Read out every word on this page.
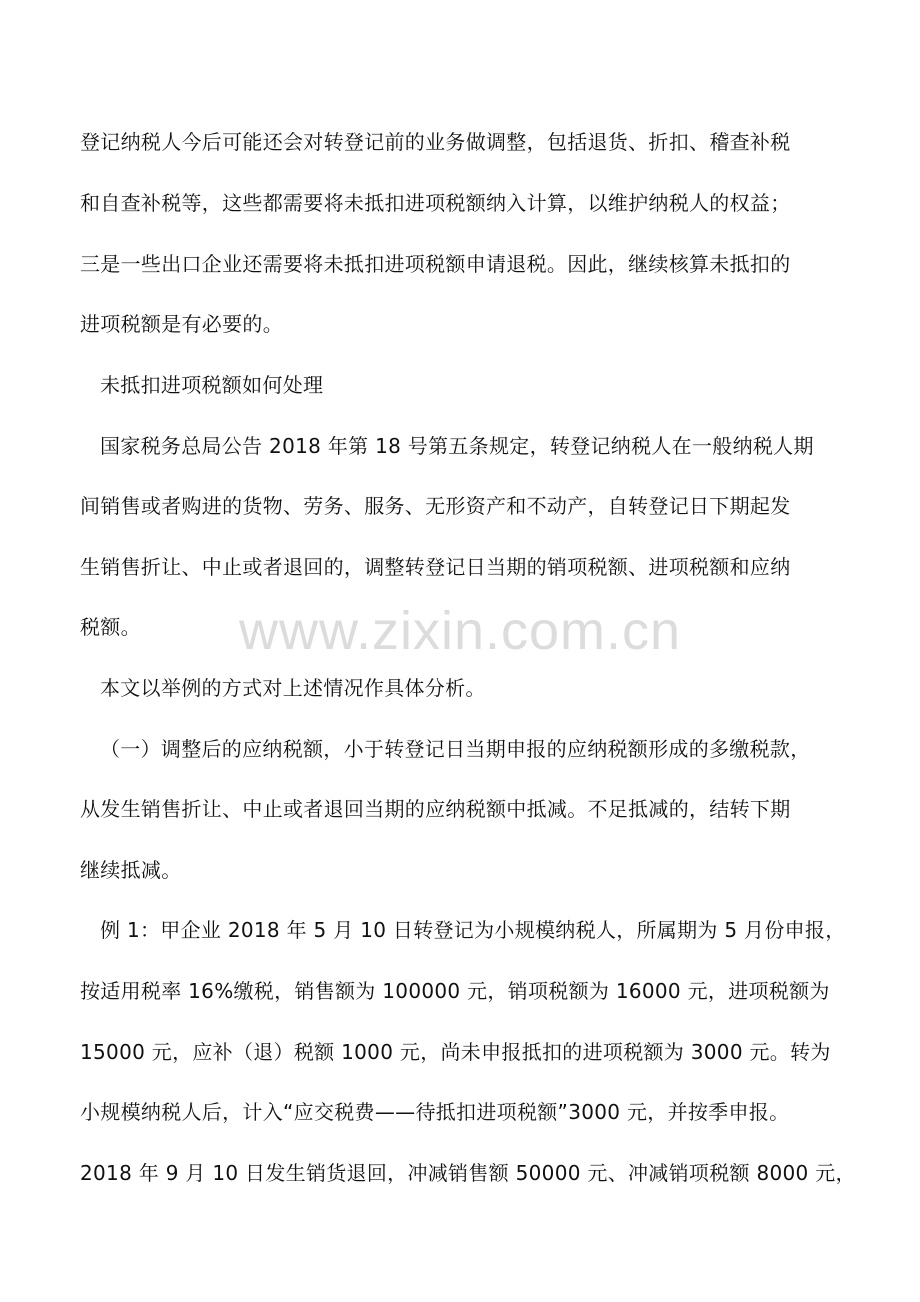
www.zixin.com.cn
登记纳税人今后可能还会对转登记前的业务做调整，包括退货、折扣、稽查补税
和自查补税等，这些都需要将未抵扣进项税额纳入计算，以维护纳税人的权益；
三是一些出口企业还需要将未抵扣进项税额申请退税。因此，继续核算未抵扣的
进项税额是有必要的。
未抵扣进项税额如何处理
国家税务总局公告 2018 年第 18 号第五条规定，转登记纳税人在一般纳税人期
间销售或者购进的货物、劳务、服务、无形资产和不动产，自转登记日下期起发
生销售折让、中止或者退回的，调整转登记日当期的销项税额、进项税额和应纳
税额。
本文以举例的方式对上述情况作具体分析。
（一）调整后的应纳税额，小于转登记日当期申报的应纳税额形成的多缴税款，
从发生销售折让、中止或者退回当期的应纳税额中抵减。不足抵减的，结转下期
继续抵减。
例 1：甲企业 2018 年 5 月 10 日转登记为小规模纳税人，所属期为 5 月份申报，
按适用税率 16%缴税，销售额为 100000 元，销项税额为 16000 元，进项税额为
15000 元，应补（退）税额 1000 元，尚未申报抵扣的进项税额为 3000 元。转为
小规模纳税人后，计入“应交税费——待抵扣进项税额”3000 元，并按季申报。
2018 年 9 月 10 日发生销货退回，冲减销售额 50000 元、冲减销项税额 8000 元，
